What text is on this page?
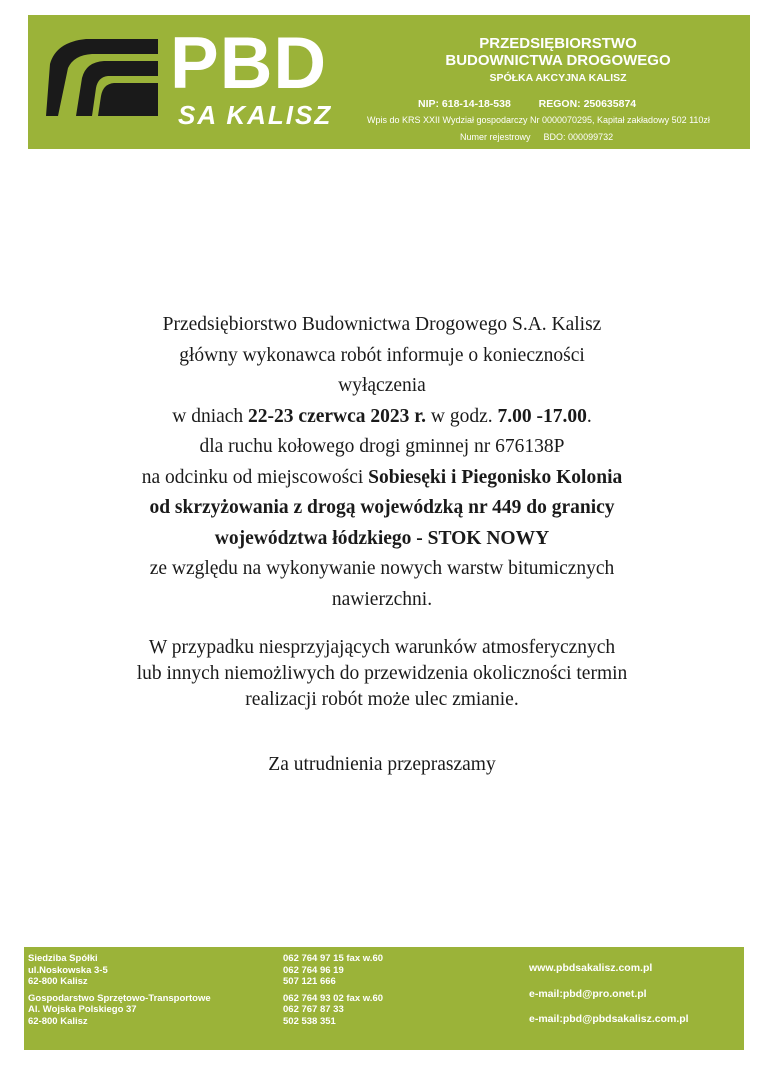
PBD
SA KALISZ
PRZEDSIĘBIORSTWO
BUDOWNICTWA DROGOWEGO
SPÓŁKA AKCYJNA KALISZ
NIP: 618-14-18-538	REGON: 250635874
Wpis do KRS XXII Wydział gospodarczy Nr 0000070295, Kapitał zakładowy 502 110zł
Numer rejestrowy BDO: 000099732

Przedsiębiorstwo Budownictwa Drogowego S.A. Kalisz

główny wykonawca robót informuje o konieczności

wyłączenia

w dniach 22-23 czerwca 2023 r. w godz. 7.00 -17.00.

dla ruchu kołowego drogi gminnej nr 676138P

na odcinku od miejscowości Sobiesęki i Piegonisko Kolonia

od skrzyżowania z drogą wojewódzką nr 449 do granicy

województwa łódzkiego - STOK NOWY

ze względu na wykonywanie nowych warstw bitumicznych

nawierzchni.

W przypadku niesprzyjających warunków atmosferycznych

lub innych niemożliwych do przewidzenia okoliczności termin

realizacji robót może ulec zmianie.

Za utrudnienia przepraszamy

Siedziba Spółki
ul.Noskowska 3-5
62-800 Kalisz
Gospodarstwo Sprzętowo-Transportowe
Al. Wojska Polskiego 37
62-800 Kalisz
062 764 97 15 fax w.60
062 764 96 19
507 121 666
062 764 93 02 fax w.60
062 767 87 33
502 538 351
www.pbdsakalisz.com.pl
e-mail:pbd@pro.onet.pl
e-mail:pbd@pbdsakalisz.com.pl
